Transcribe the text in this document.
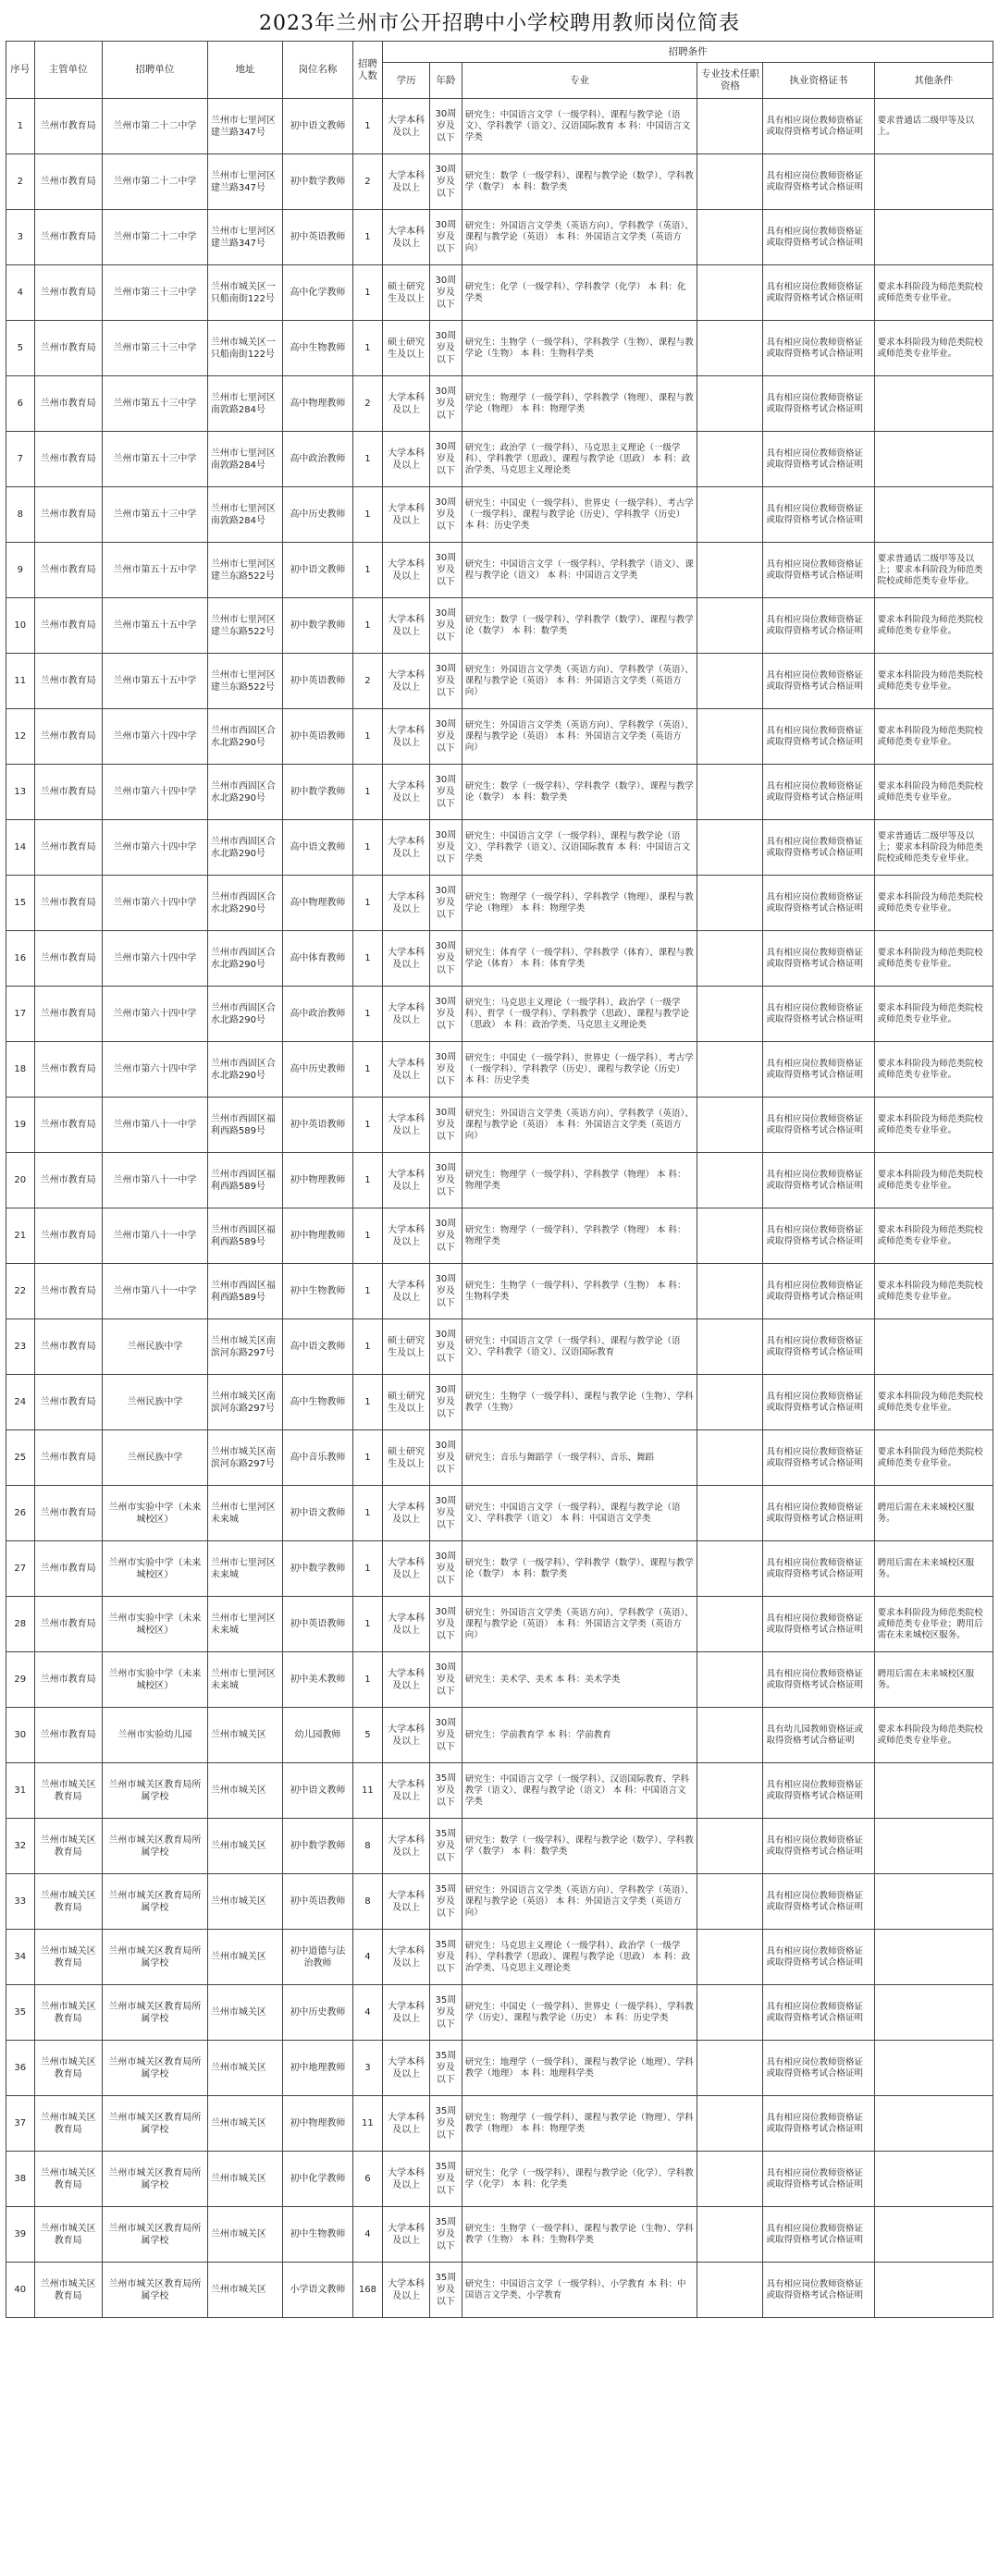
2023年兰州市公开招聘中小学校聘用教师岗位简表
序号	主管单位	招聘单位	地址	岗位名称	招聘人数	招聘条件					
						学历	年龄	专业	专业技术任职资格	执业资格证书	其他条件
1	兰州市教育局	兰州市第二十二中学	兰州市七里河区建兰路347号	初中语文教师	1	大学本科及以上	30周岁及以下	研究生：中国语言文学（一级学科）、课程与教学论（语文）、学科教学（语文）、汉语国际教育 本 科：中国语言文学类		具有相应岗位教师资格证或取得资格考试合格证明	要求普通话二级甲等及以上。
2	兰州市教育局	兰州市第二十二中学	兰州市七里河区建兰路347号	初中数学教师	2	大学本科及以上	30周岁及以下	研究生：数学（一级学科）、课程与教学论（数学）、学科教学（数学） 本 科：数学类		具有相应岗位教师资格证或取得资格考试合格证明	
3	兰州市教育局	兰州市第二十二中学	兰州市七里河区建兰路347号	初中英语教师	1	大学本科及以上	30周岁及以下	研究生：外国语言文学类（英语方向）、学科教学（英语）、课程与教学论（英语） 本 科：外国语言文学类（英语方向）		具有相应岗位教师资格证或取得资格考试合格证明	
4	兰州市教育局	兰州市第三十三中学	兰州市城关区一只船南街122号	高中化学教师	1	硕士研究生及以上	30周岁及以下	研究生：化学（一级学科）、学科教学（化学） 本 科：化学类		具有相应岗位教师资格证或取得资格考试合格证明	要求本科阶段为师范类院校或师范类专业毕业。
5	兰州市教育局	兰州市第三十三中学	兰州市城关区一只船南街122号	高中生物教师	1	硕士研究生及以上	30周岁及以下	研究生：生物学（一级学科）、学科教学（生物）、课程与教学论（生物） 本 科：生物科学类		具有相应岗位教师资格证或取得资格考试合格证明	要求本科阶段为师范类院校或师范类专业毕业。
6	兰州市教育局	兰州市第五十三中学	兰州市七里河区南敦路284号	高中物理教师	2	大学本科及以上	30周岁及以下	研究生：物理学（一级学科）、学科教学（物理）、课程与教学论（物理） 本 科：物理学类		具有相应岗位教师资格证或取得资格考试合格证明	
7	兰州市教育局	兰州市第五十三中学	兰州市七里河区南敦路284号	高中政治教师	1	大学本科及以上	30周岁及以下	研究生：政治学（一级学科）、马克思主义理论（一级学科）、学科教学（思政）、课程与教学论（思政） 本 科：政治学类、马克思主义理论类		具有相应岗位教师资格证或取得资格考试合格证明	
8	兰州市教育局	兰州市第五十三中学	兰州市七里河区南敦路284号	高中历史教师	1	大学本科及以上	30周岁及以下	研究生：中国史（一级学科）、世界史（一级学科）、考古学（一级学科）、课程与教学论（历史）、学科教学（历史） 本 科：历史学类		具有相应岗位教师资格证或取得资格考试合格证明	
9	兰州市教育局	兰州市第五十五中学	兰州市七里河区建兰东路522号	初中语文教师	1	大学本科及以上	30周岁及以下	研究生：中国语言文学（一级学科）、学科教学（语文）、课程与教学论（语文） 本 科：中国语言文学类		具有相应岗位教师资格证或取得资格考试合格证明	要求普通话二级甲等及以上；要求本科阶段为师范类院校或师范类专业毕业。
10	兰州市教育局	兰州市第五十五中学	兰州市七里河区建兰东路522号	初中数学教师	1	大学本科及以上	30周岁及以下	研究生：数学（一级学科）、学科教学（数学）、课程与教学论（数学） 本 科：数学类		具有相应岗位教师资格证或取得资格考试合格证明	要求本科阶段为师范类院校或师范类专业毕业。
11	兰州市教育局	兰州市第五十五中学	兰州市七里河区建兰东路522号	初中英语教师	2	大学本科及以上	30周岁及以下	研究生：外国语言文学类（英语方向）、学科教学（英语）、课程与教学论（英语） 本 科：外国语言文学类（英语方向）		具有相应岗位教师资格证或取得资格考试合格证明	要求本科阶段为师范类院校或师范类专业毕业。
12	兰州市教育局	兰州市第六十四中学	兰州市西固区合水北路290号	初中英语教师	1	大学本科及以上	30周岁及以下	研究生：外国语言文学类（英语方向）、学科教学（英语）、课程与教学论（英语） 本 科：外国语言文学类（英语方向）		具有相应岗位教师资格证或取得资格考试合格证明	要求本科阶段为师范类院校或师范类专业毕业。
13	兰州市教育局	兰州市第六十四中学	兰州市西固区合水北路290号	初中数学教师	1	大学本科及以上	30周岁及以下	研究生：数学（一级学科）、学科教学（数学）、课程与教学论（数学） 本 科：数学类		具有相应岗位教师资格证或取得资格考试合格证明	要求本科阶段为师范类院校或师范类专业毕业。
14	兰州市教育局	兰州市第六十四中学	兰州市西固区合水北路290号	高中语文教师	1	大学本科及以上	30周岁及以下	研究生：中国语言文学（一级学科）、课程与教学论（语文）、学科教学（语文）、汉语国际教育 本 科：中国语言文学类		具有相应岗位教师资格证或取得资格考试合格证明	要求普通话二级甲等及以上；要求本科阶段为师范类院校或师范类专业毕业。
15	兰州市教育局	兰州市第六十四中学	兰州市西固区合水北路290号	高中物理教师	1	大学本科及以上	30周岁及以下	研究生：物理学（一级学科）、学科教学（物理）、课程与教学论（物理） 本 科：物理学类		具有相应岗位教师资格证或取得资格考试合格证明	要求本科阶段为师范类院校或师范类专业毕业。
16	兰州市教育局	兰州市第六十四中学	兰州市西固区合水北路290号	高中体育教师	1	大学本科及以上	30周岁及以下	研究生：体育学（一级学科）、学科教学（体育）、课程与教学论（体育） 本 科：体育学类		具有相应岗位教师资格证或取得资格考试合格证明	要求本科阶段为师范类院校或师范类专业毕业。
17	兰州市教育局	兰州市第六十四中学	兰州市西固区合水北路290号	高中政治教师	1	大学本科及以上	30周岁及以下	研究生：马克思主义理论（一级学科）、政治学（一级学科）、哲学（一级学科）、学科教学（思政）、课程与教学论（思政） 本 科：政治学类、马克思主义理论类		具有相应岗位教师资格证或取得资格考试合格证明	要求本科阶段为师范类院校或师范类专业毕业。
18	兰州市教育局	兰州市第六十四中学	兰州市西固区合水北路290号	高中历史教师	1	大学本科及以上	30周岁及以下	研究生：中国史（一级学科）、世界史（一级学科）、考古学（一级学科）、学科教学（历史）、课程与教学论（历史） 本 科：历史学类		具有相应岗位教师资格证或取得资格考试合格证明	要求本科阶段为师范类院校或师范类专业毕业。
19	兰州市教育局	兰州市第八十一中学	兰州市西固区福利西路589号	初中英语教师	1	大学本科及以上	30周岁及以下	研究生：外国语言文学类（英语方向）、学科教学（英语）、课程与教学论（英语） 本 科：外国语言文学类（英语方向）		具有相应岗位教师资格证或取得资格考试合格证明	要求本科阶段为师范类院校或师范类专业毕业。
20	兰州市教育局	兰州市第八十一中学	兰州市西固区福利西路589号	初中物理教师	1	大学本科及以上	30周岁及以下	研究生：物理学（一级学科）、学科教学（物理） 本 科：物理学类		具有相应岗位教师资格证或取得资格考试合格证明	要求本科阶段为师范类院校或师范类专业毕业。
21	兰州市教育局	兰州市第八十一中学	兰州市西固区福利西路589号	初中物理教师	1	大学本科及以上	30周岁及以下	研究生：物理学（一级学科）、学科教学（物理） 本 科：物理学类		具有相应岗位教师资格证或取得资格考试合格证明	要求本科阶段为师范类院校或师范类专业毕业。
22	兰州市教育局	兰州市第八十一中学	兰州市西固区福利西路589号	初中生物教师	1	大学本科及以上	30周岁及以下	研究生：生物学（一级学科）、学科教学（生物） 本 科：生物科学类		具有相应岗位教师资格证或取得资格考试合格证明	要求本科阶段为师范类院校或师范类专业毕业。
23	兰州市教育局	兰州民族中学	兰州市城关区南滨河东路297号	高中语文教师	1	硕士研究生及以上	30周岁及以下	研究生：中国语言文学（一级学科）、课程与教学论（语文）、学科教学（语文）、汉语国际教育		具有相应岗位教师资格证或取得资格考试合格证明	
24	兰州市教育局	兰州民族中学	兰州市城关区南滨河东路297号	高中生物教师	1	硕士研究生及以上	30周岁及以下	研究生：生物学（一级学科）、课程与教学论（生物）、学科教学（生物）		具有相应岗位教师资格证或取得资格考试合格证明	要求本科阶段为师范类院校或师范类专业毕业。
25	兰州市教育局	兰州民族中学	兰州市城关区南滨河东路297号	高中音乐教师	1	硕士研究生及以上	30周岁及以下	研究生：音乐与舞蹈学（一级学科）、音乐、舞蹈		具有相应岗位教师资格证或取得资格考试合格证明	要求本科阶段为师范类院校或师范类专业毕业。
26	兰州市教育局	兰州市实验中学（未来城校区）	兰州市七里河区未来城	初中语文教师	1	大学本科及以上	30周岁及以下	研究生：中国语言文学（一级学科）、课程与教学论（语文）、学科教学（语文） 本 科：中国语言文学类		具有相应岗位教师资格证或取得资格考试合格证明	聘用后需在未来城校区服务。
27	兰州市教育局	兰州市实验中学（未来城校区）	兰州市七里河区未来城	初中数学教师	1	大学本科及以上	30周岁及以下	研究生：数学（一级学科）、学科教学（数学）、课程与教学论（数学） 本 科：数学类		具有相应岗位教师资格证或取得资格考试合格证明	聘用后需在未来城校区服务。
28	兰州市教育局	兰州市实验中学（未来城校区）	兰州市七里河区未来城	初中英语教师	1	大学本科及以上	30周岁及以下	研究生：外国语言文学类（英语方向）、学科教学（英语）、课程与教学论（英语） 本 科：外国语言文学类（英语方向）		具有相应岗位教师资格证或取得资格考试合格证明	要求本科阶段为师范类院校或师范类专业毕业；聘用后需在未来城校区服务。
29	兰州市教育局	兰州市实验中学（未来城校区）	兰州市七里河区未来城	初中美术教师	1	大学本科及以上	30周岁及以下	研究生：美术学、美术 本 科：美术学类		具有相应岗位教师资格证或取得资格考试合格证明	聘用后需在未来城校区服务。
30	兰州市教育局	兰州市实验幼儿园	兰州市城关区	幼儿园教师	5	大学本科及以上	30周岁及以下	研究生：学前教育学 本 科：学前教育		具有幼儿园教师资格证或取得资格考试合格证明	要求本科阶段为师范类院校或师范类专业毕业。
31	兰州市城关区教育局	兰州市城关区教育局所属学校	兰州市城关区	初中语文教师	11	大学本科及以上	35周岁及以下	研究生：中国语言文学（一级学科）、汉语国际教育、学科教学（语文）、课程与教学论（语文） 本 科：中国语言文学类		具有相应岗位教师资格证或取得资格考试合格证明	
32	兰州市城关区教育局	兰州市城关区教育局所属学校	兰州市城关区	初中数学教师	8	大学本科及以上	35周岁及以下	研究生：数学（一级学科）、课程与教学论（数学）、学科教学（数学） 本 科：数学类		具有相应岗位教师资格证或取得资格考试合格证明	
33	兰州市城关区教育局	兰州市城关区教育局所属学校	兰州市城关区	初中英语教师	8	大学本科及以上	35周岁及以下	研究生：外国语言文学类（英语方向）、学科教学（英语）、课程与教学论（英语） 本 科：外国语言文学类（英语方向）		具有相应岗位教师资格证或取得资格考试合格证明	
34	兰州市城关区教育局	兰州市城关区教育局所属学校	兰州市城关区	初中道德与法治教师	4	大学本科及以上	35周岁及以下	研究生：马克思主义理论（一级学科）、政治学（一级学科）、学科教学（思政）、课程与教学论（思政） 本 科：政治学类、马克思主义理论类		具有相应岗位教师资格证或取得资格考试合格证明	
35	兰州市城关区教育局	兰州市城关区教育局所属学校	兰州市城关区	初中历史教师	4	大学本科及以上	35周岁及以下	研究生：中国史（一级学科）、世界史（一级学科）、学科教学（历史）、课程与教学论（历史） 本 科：历史学类		具有相应岗位教师资格证或取得资格考试合格证明	
36	兰州市城关区教育局	兰州市城关区教育局所属学校	兰州市城关区	初中地理教师	3	大学本科及以上	35周岁及以下	研究生：地理学（一级学科）、课程与教学论（地理）、学科教学（地理） 本 科：地理科学类		具有相应岗位教师资格证或取得资格考试合格证明	
37	兰州市城关区教育局	兰州市城关区教育局所属学校	兰州市城关区	初中物理教师	11	大学本科及以上	35周岁及以下	研究生：物理学（一级学科）、课程与教学论（物理）、学科教学（物理） 本 科：物理学类		具有相应岗位教师资格证或取得资格考试合格证明	
38	兰州市城关区教育局	兰州市城关区教育局所属学校	兰州市城关区	初中化学教师	6	大学本科及以上	35周岁及以下	研究生：化学（一级学科）、课程与教学论（化学）、学科教学（化学） 本 科：化学类		具有相应岗位教师资格证或取得资格考试合格证明	
39	兰州市城关区教育局	兰州市城关区教育局所属学校	兰州市城关区	初中生物教师	4	大学本科及以上	35周岁及以下	研究生：生物学（一级学科）、课程与教学论（生物）、学科教学（生物） 本 科：生物科学类		具有相应岗位教师资格证或取得资格考试合格证明	
40	兰州市城关区教育局	兰州市城关区教育局所属学校	兰州市城关区	小学语文教师	168	大学本科及以上	35周岁及以下	研究生：中国语言文学（一级学科）、小学教育 本 科：中国语言文学类、小学教育		具有相应岗位教师资格证或取得资格考试合格证明	
